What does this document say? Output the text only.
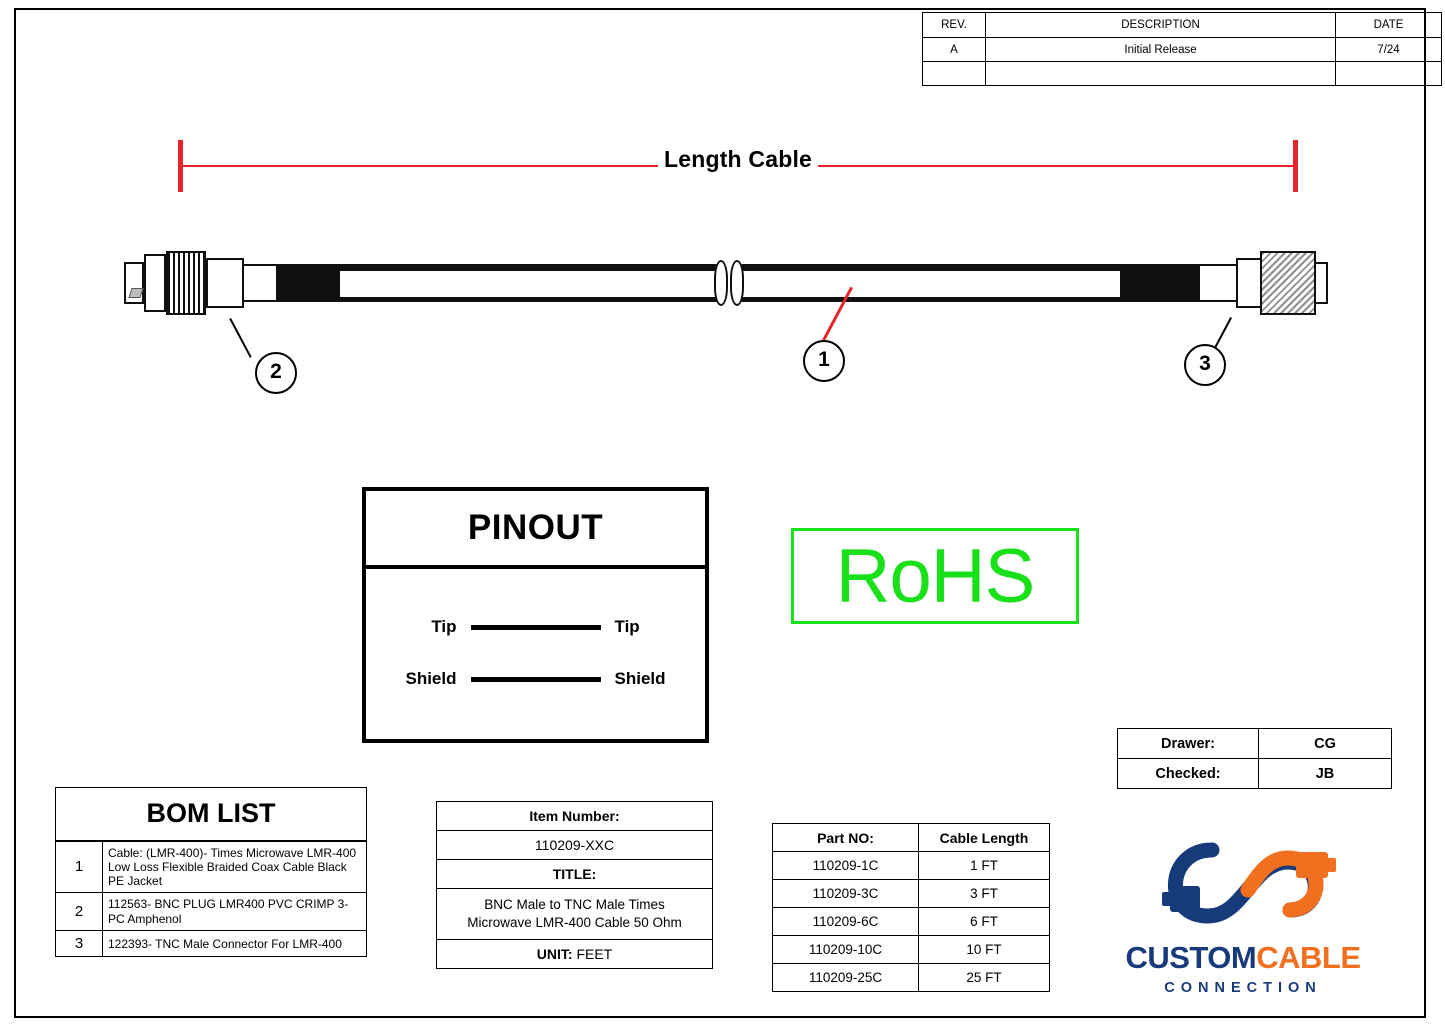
REV.	DESCRIPTION	DATE
A	Initial Release	7/24

Length Cable
2
1	3
PINOUT
Tip	Tip
Shield	Shield
RoHS
Drawer:	CG
Checked:	JB
BOM LIST
1	Cable: (LMR-400)- Times Microwave LMR-400 Low Loss Flexible Braided Coax Cable Black PE Jacket
2	112563- BNC PLUG LMR400 PVC CRIMP 3-PC Amphenol
3	122393- TNC Male Connector For LMR-400
Item Number:
110209-XXC
TITLE:
BNC Male to TNC Male Times Microwave LMR-400 Cable 50 Ohm
UNIT: FEET
Part NO:	Cable Length
110209-1C	1 FT
110209-3C	3 FT
110209-6C	6 FT
110209-10C	10 FT
110209-25C	25 FT
CUSTOMCABLE
CONNECTION
